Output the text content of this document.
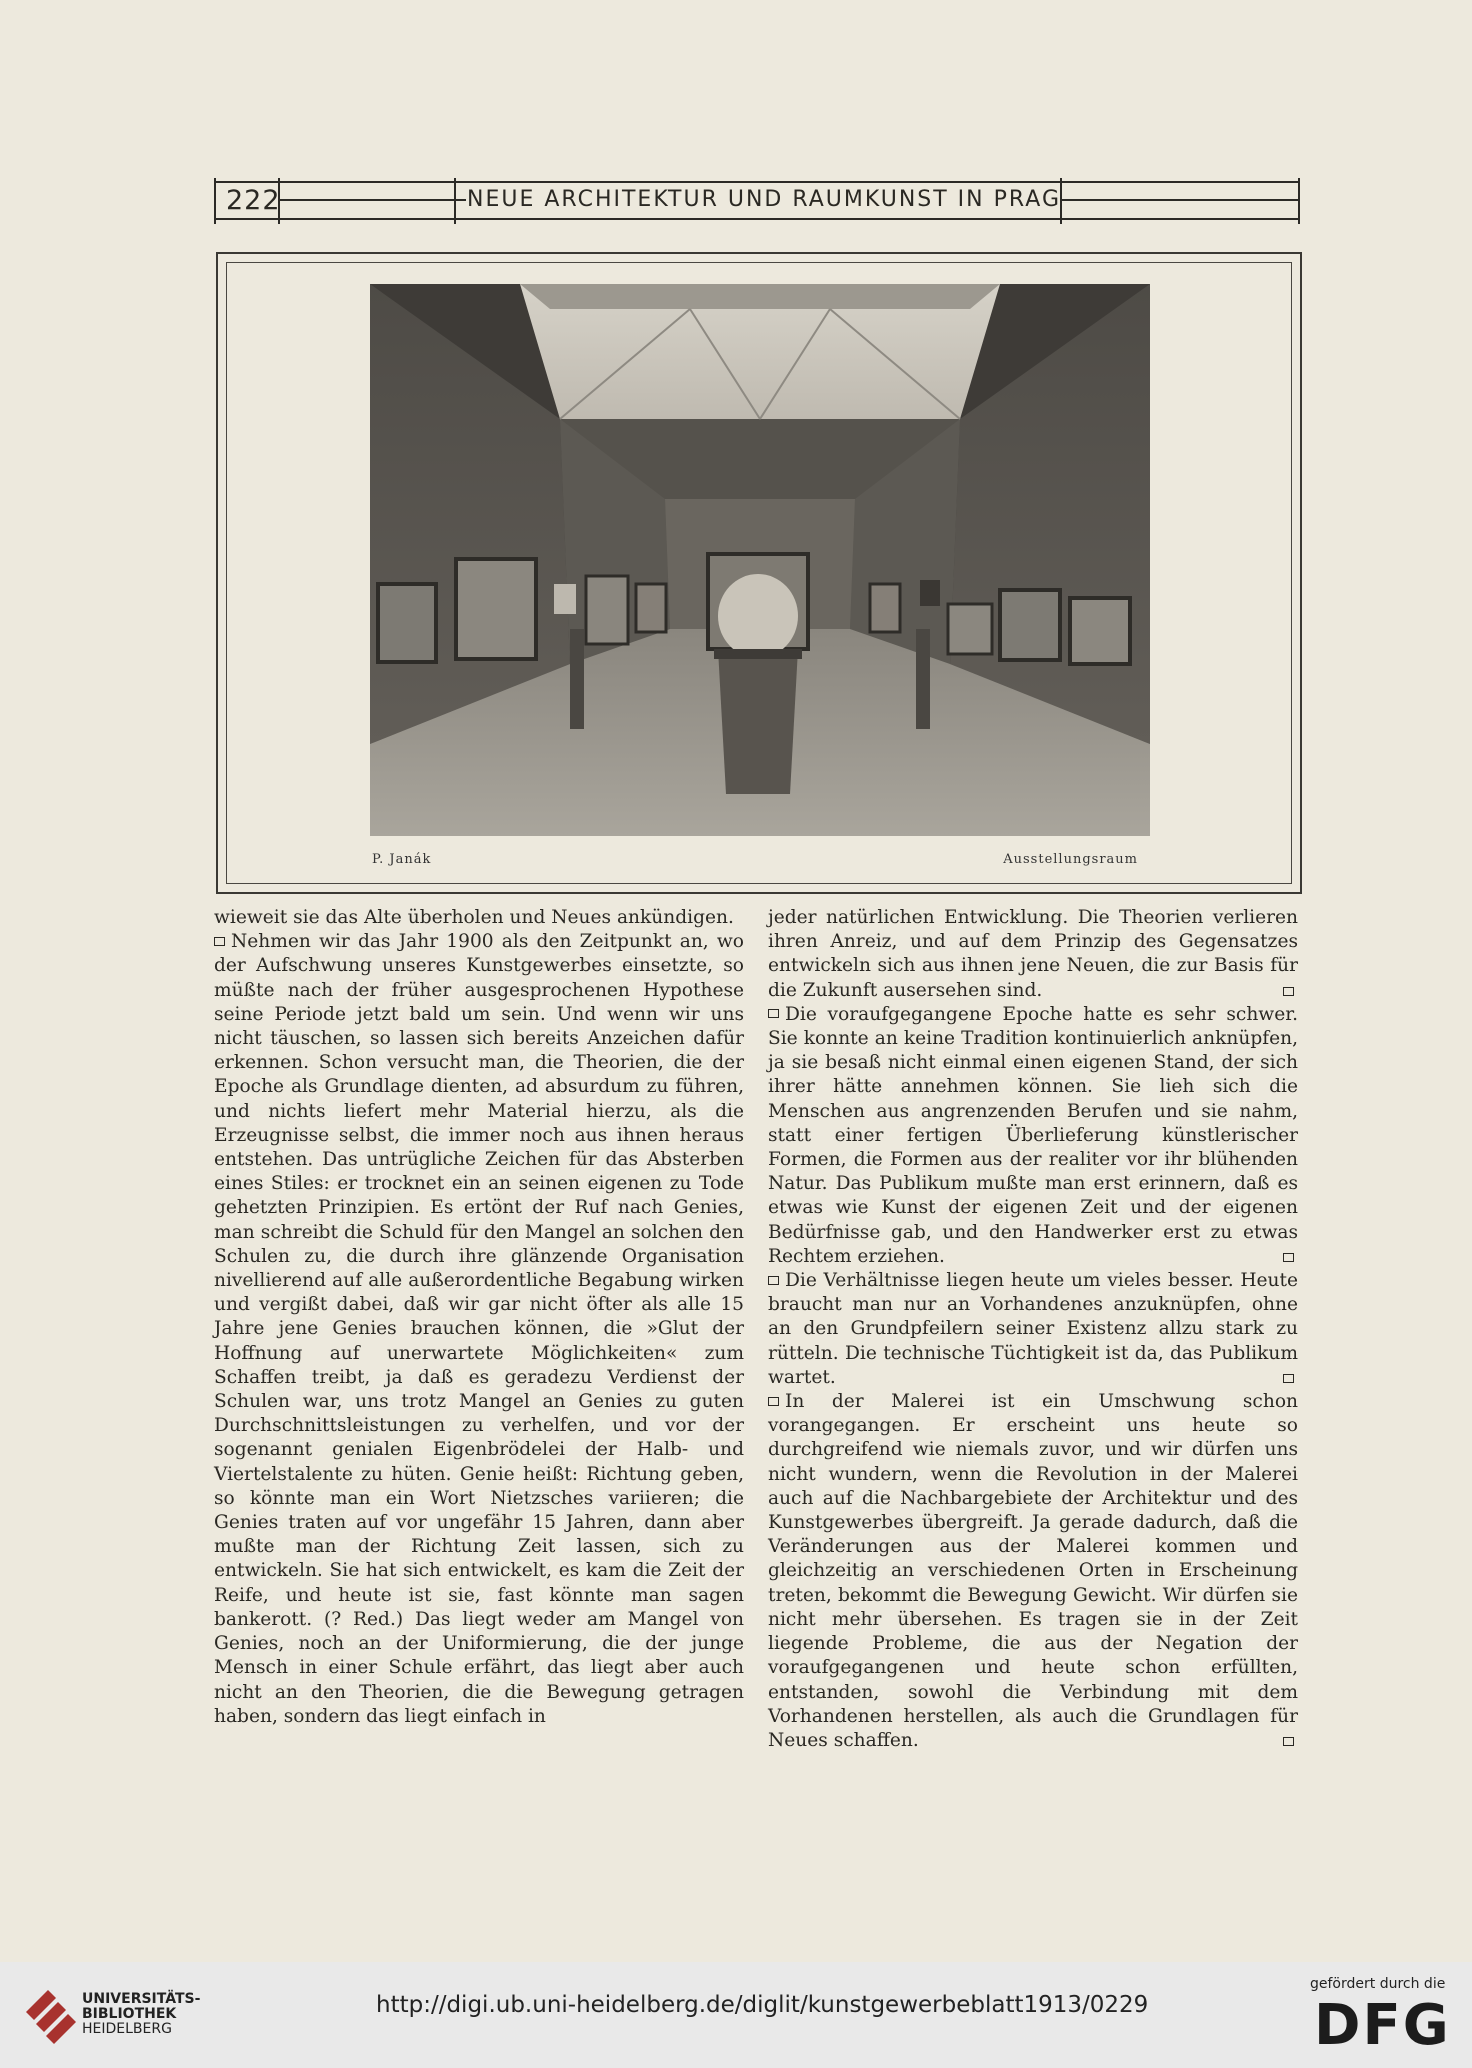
222	NEUE ARCHITEKTUR UND RAUMKUNST IN PRAG
P. Janák	Ausstellungsraum

wieweit sie das Alte überholen und Neues ankündigen.

Nehmen wir das Jahr 1900 als den Zeitpunkt an, wo der Aufschwung unseres Kunstgewerbes einsetzte, so müßte nach der früher ausgesprochenen Hypothese seine Periode jetzt bald um sein. Und wenn wir uns nicht täuschen, so lassen sich bereits Anzeichen dafür erkennen. Schon versucht man, die Theorien, die der Epoche als Grundlage dienten, ad absurdum zu führen, und nichts liefert mehr Material hierzu, als die Erzeugnisse selbst, die immer noch aus ihnen heraus entstehen. Das untrügliche Zeichen für das Absterben eines Stiles: er trocknet ein an seinen eigenen zu Tode gehetzten Prinzipien. Es ertönt der Ruf nach Genies, man schreibt die Schuld für den Mangel an solchen den Schulen zu, die durch ihre glänzende Organisation nivellierend auf alle außerordentliche Begabung wirken und vergißt dabei, daß wir gar nicht öfter als alle 15 Jahre jene Genies brauchen können, die »Glut der Hoffnung auf unerwartete Möglichkeiten« zum Schaffen treibt, ja daß es geradezu Verdienst der Schulen war, uns trotz Mangel an Genies zu guten Durchschnittsleistungen zu verhelfen, und vor der sogenannt genialen Eigenbrödelei der Halb- und Viertelstalente zu hüten. Genie heißt: Richtung geben, so könnte man ein Wort Nietzsches variieren; die Genies traten auf vor ungefähr 15 Jahren, dann aber mußte man der Richtung Zeit lassen, sich zu entwickeln. Sie hat sich entwickelt, es kam die Zeit der Reife, und heute ist sie, fast könnte man sagen bankerott. (? Red.) Das liegt weder am Mangel von Genies, noch an der Uniformierung, die der junge Mensch in einer Schule erfährt, das liegt aber auch nicht an den Theorien, die die Bewegung getragen haben, sondern das liegt einfach in

jeder natürlichen Entwicklung. Die Theorien verlieren ihren Anreiz, und auf dem Prinzip des Gegensatzes entwickeln sich aus ihnen jene Neuen, die zur Basis für die Zukunft ausersehen sind.

Die voraufgegangene Epoche hatte es sehr schwer. Sie konnte an keine Tradition kontinuierlich anknüpfen, ja sie besaß nicht einmal einen eigenen Stand, der sich ihrer hätte annehmen können. Sie lieh sich die Menschen aus angrenzenden Berufen und sie nahm, statt einer fertigen Überlieferung künstlerischer Formen, die Formen aus der realiter vor ihr blühenden Natur. Das Publikum mußte man erst erinnern, daß es etwas wie Kunst der eigenen Zeit und der eigenen Bedürfnisse gab, und den Handwerker erst zu etwas Rechtem erziehen.

Die Verhältnisse liegen heute um vieles besser. Heute braucht man nur an Vorhandenes anzuknüpfen, ohne an den Grundpfeilern seiner Existenz allzu stark zu rütteln. Die technische Tüchtigkeit ist da, das Publikum wartet.

In der Malerei ist ein Umschwung schon vorangegangen. Er erscheint uns heute so durchgreifend wie niemals zuvor, und wir dürfen uns nicht wundern, wenn die Revolution in der Malerei auch auf die Nachbargebiete der Architektur und des Kunstgewerbes übergreift. Ja gerade dadurch, daß die Veränderungen aus der Malerei kommen und gleichzeitig an verschiedenen Orten in Erscheinung treten, bekommt die Bewegung Gewicht. Wir dürfen sie nicht mehr übersehen. Es tragen sie in der Zeit liegende Probleme, die aus der Negation der voraufgegangenen und heute schon erfüllten, entstanden, sowohl die Verbindung mit dem Vorhandenen herstellen, als auch die Grundlagen für Neues schaffen.

UNIVERSITÄTS-
BIBLIOTHEK
HEIDELBERG
http://digi.ub.uni-heidelberg.de/diglit/kunstgewerbeblatt1913/0229
gefördert durch die
DFG
